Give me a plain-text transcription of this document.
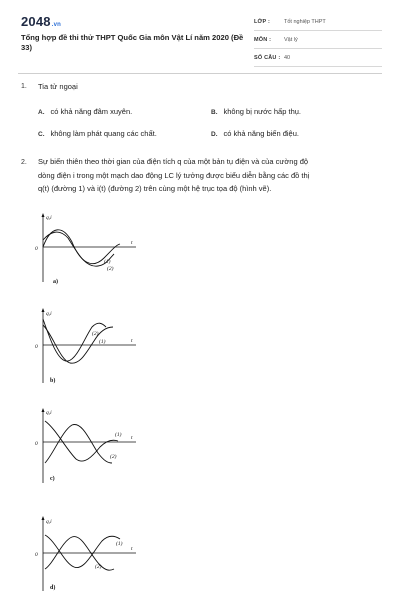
2048.vn
Tổng hợp đề thi thử THPT Quốc Gia môn Vật Lí năm 2020 (Đề 33)
LỚP :	Tốt nghiệp THPT
MÔN : Vật lý
SỐ CÂU : 40
1. Tia tử ngoại
A. có khả năng đâm xuyên.	B. không bị nước hấp thụ.
C. không làm phát quang các chất.	D. có khả năng biến điệu.
2. Sự biến thiên theo thời gian của điện tích q của một bản tụ điện và của cường độ
dòng điện i trong một mạch dao động LC lý tưởng được biểu diễn bằng các đồ thị
q(t) (đường 1) và i(t) (đường 2) trên cùng một hệ trục tọa độ (hình vẽ).
q,i
t
0
(1)
(2)
a)
q,i
t
0
(1)
(2)
b)
q,i
t
0
(1)
(2)
c)
q,i
t
0
(1)
(2)
d)
